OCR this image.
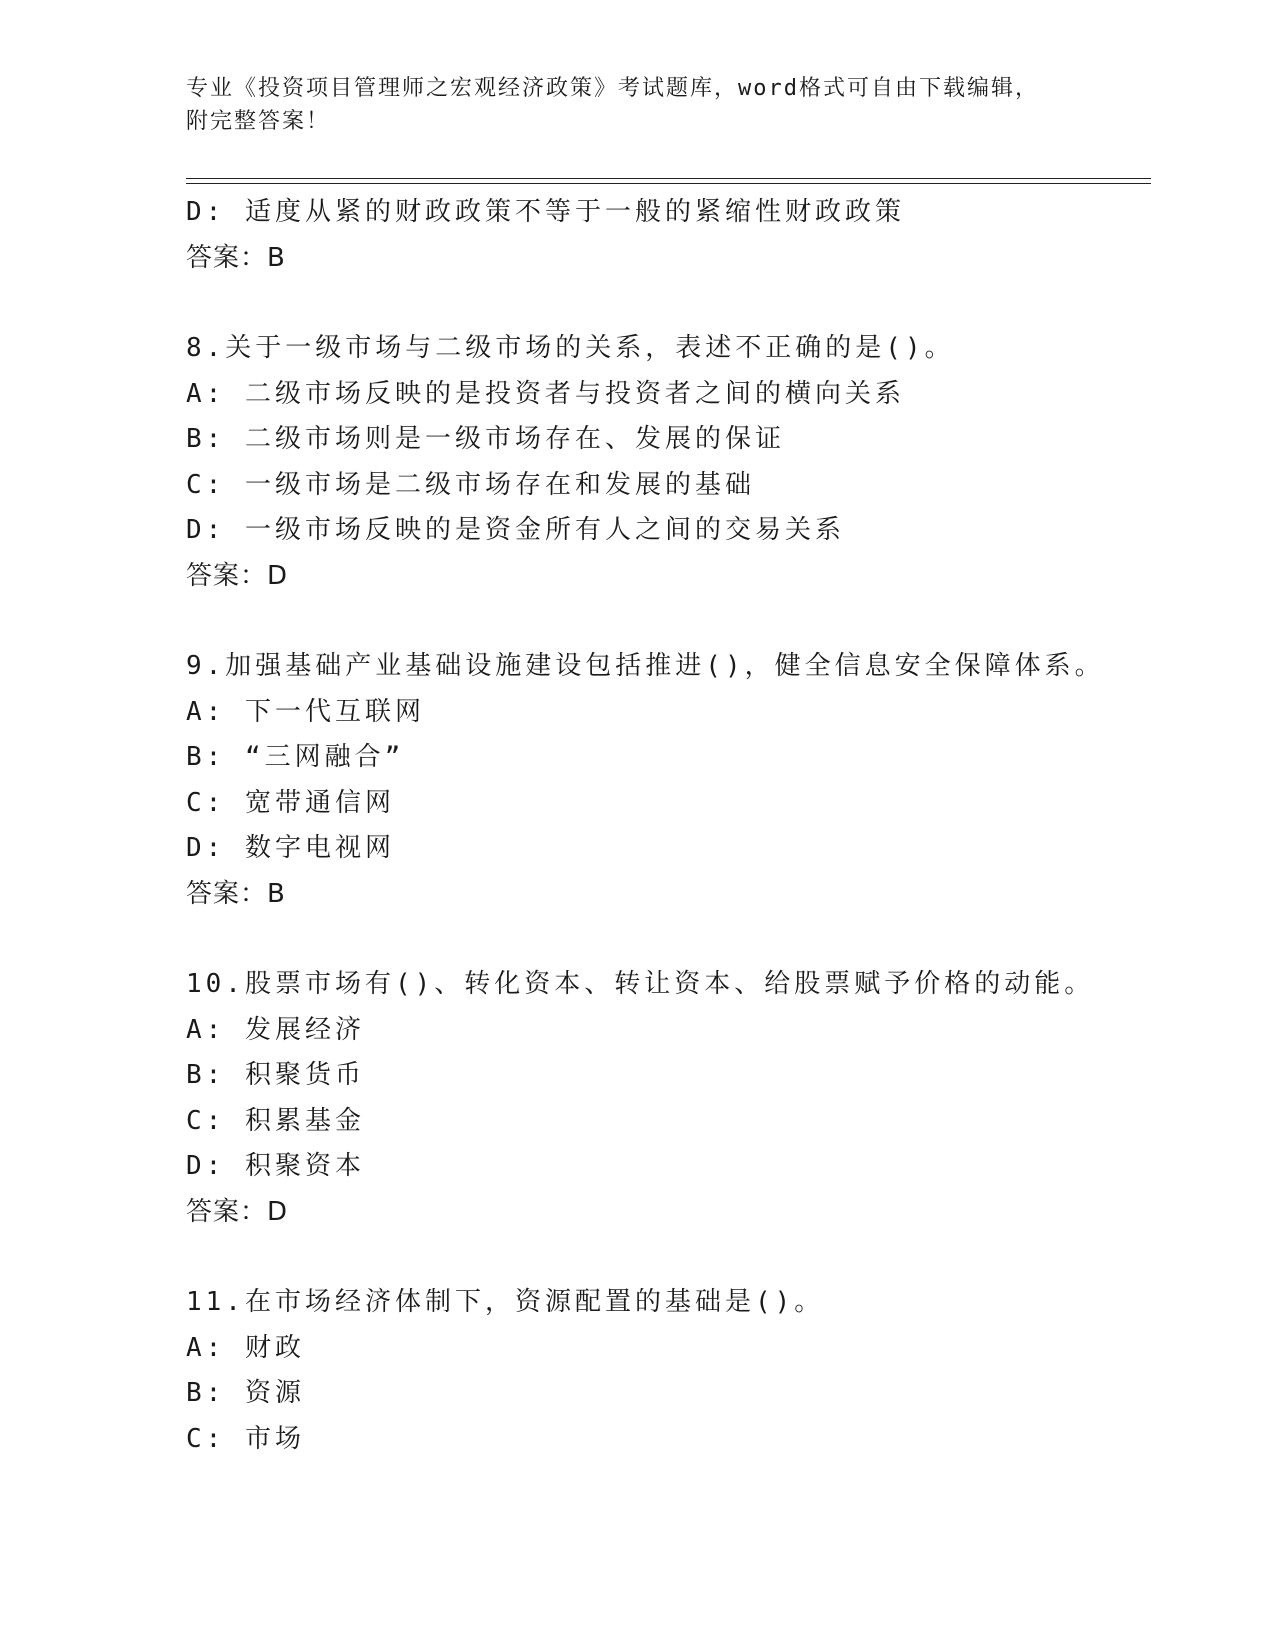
专业《投资项目管理师之宏观经济政策》考试题库，word格式可自由下载编辑，
附完整答案！
D: 适度从紧的财政政策不等于一般的紧缩性财政政策
答案：B
8.关于一级市场与二级市场的关系，表述不正确的是()。
A: 二级市场反映的是投资者与投资者之间的横向关系
B: 二级市场则是一级市场存在、发展的保证
C: 一级市场是二级市场存在和发展的基础
D: 一级市场反映的是资金所有人之间的交易关系
答案：D
9.加强基础产业基础设施建设包括推进()，健全信息安全保障体系。
A: 下一代互联网
B: “三网融合”
C: 宽带通信网
D: 数字电视网
答案：B
10.股票市场有()、转化资本、转让资本、给股票赋予价格的动能。
A: 发展经济
B: 积聚货币
C: 积累基金
D: 积聚资本
答案：D
11.在市场经济体制下，资源配置的基础是()。
A: 财政
B: 资源
C: 市场
